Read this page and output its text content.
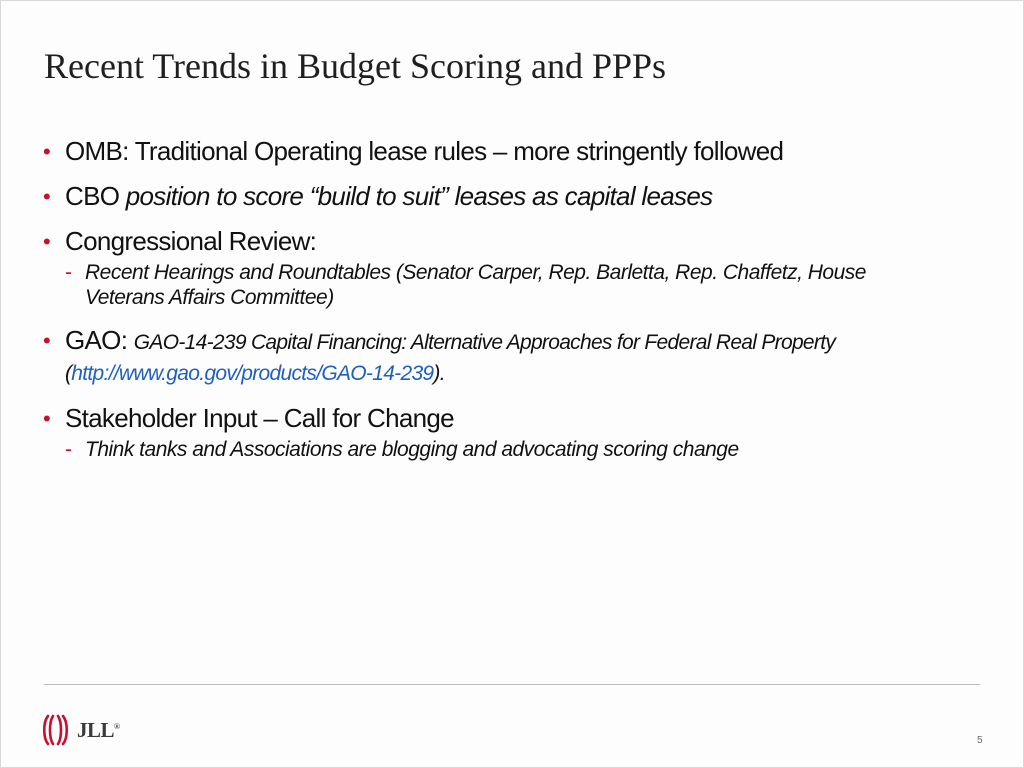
Recent Trends in Budget Scoring and PPPs
• OMB: Traditional Operating lease rules – more stringently followed
• CBO position to score “build to suit” leases as capital leases
• Congressional Review:
- Recent Hearings and Roundtables (Senator Carper, Rep. Barletta, Rep. Chaffetz, House Veterans Affairs Committee)
• GAO: GAO-14-239 Capital Financing: Alternative Approaches for Federal Real Property (http://www.gao.gov/products/GAO-14-239).
• Stakeholder Input – Call for Change
- Think tanks and Associations are blogging and advocating scoring change
JLL®
5
